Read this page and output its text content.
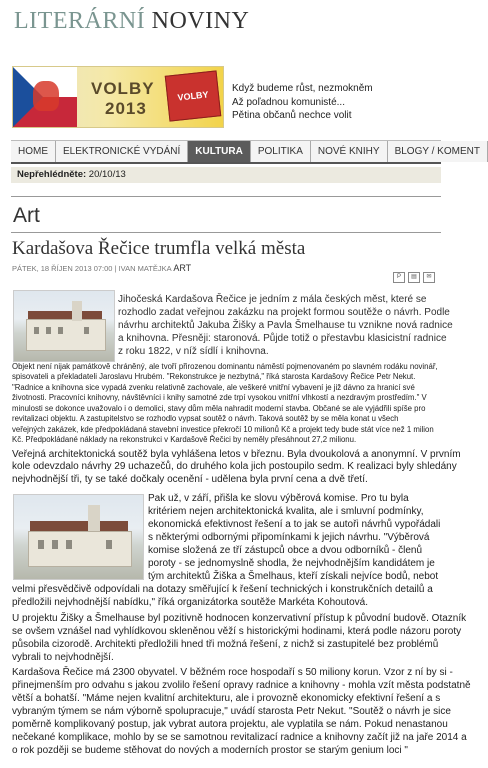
LITERÁRNÍ NOVINY
VOLBY
2013
VOLBY
Když budeme růst, nezmokněm
Až poľadnou komunisté...
Pětina občanů nechce volit
HOME	ELEKTRONICKÉ VYDÁNÍ	KULTURA	POLITIKA	NOVÉ KNIHY	BLOGY / KOMENT
Nepřehlédněte: 20/10/13
Art
Kardašova Řečice trumfla velká města
PÁTEK, 18 ŘÍJEN 2013 07:00 | IVAN MATĚJKA ART
P	▤	✉
Jihočeská Kardašova Řečice je jedním z mála českých měst, které se
rozhodlo zadat veřejnou zakázku na projekt formou soutěže o návrh. Podle
návrhu architektů Jakuba Žišky a Pavla Šmelhause tu vznikne nová radnice
a knihovna. Přesněji: staronová. Půjde totiž o přestavbu klasicistní radnice
z roku 1822, v níž sídlí i knihovna.
Objekt není nijak památkově chráněný, ale tvoří přirozenou dominantu náměstí pojmenovaném po slavném rodáku novinář,
spisovateli a překladateli Jaroslavu Hrubém. "Rekonstrukce je nezbytná," říká starosta Kardašovy Řečice Petr Nekut.
"Radnice a knihovna sice vypadá zvenku relativně zachovale, ale veškeré vnitřní vybavení je již dávno za hranicí své
životnosti. Pracovníci knihovny, návštěvníci i knihy samotné zde trpí vysokou vnitřní vlhkostí a nezdravým prostředím." V
minulosti se dokonce uvažovalo i o demolici, stavy dům měla nahradit moderní stavba. Občané se ale vyjádřili spíše pro
revitalizaci objektu. A zastupitelstvo se rozhodlo vypsat soutěž o návrh. Taková soutěž by se měla konat u všech
veřejných zakázek, kde předpokládaná stavební investice překročí 10 milionů Kč a projekt tedy bude stát více než 1 milion
Kč. Předpokládané náklady na rekonstrukci v Kardašově Řečici by neměly přesáhnout 27,2 milionu.
Veřejná architektonická soutěž byla vyhlášena letos v březnu. Byla dvoukolová a anonymní. V prvním
kole odevzdalo návrhy 29 uchazečů, do druhého kola jich postoupilo sedm. K realizaci byly shledány
nejvhodnější tři, ty se také dočkaly ocenění - udělena byla první cena a dvě třetí.
Pak už, v září, přišla ke slovu výběrová komise. Pro tu byla
kritériem nejen architektonická kvalita, ale i smluvní podmínky,
ekonomická efektivnost řešení a to jak se autoři návrhů vypořádali
s některými odbornými připomínkami k jejich návrhu. "Výběrová
komise složená ze tří zástupců obce a dvou odborníků - členů
poroty - se jednomyslně shodla, že nejvhodnějším kandidátem je
tým architektů Žiška a Šmelhaus, kteří získali nejvíce bodů, nebot
velmi přesvědčivě odpovídali na dotazy směřující k řešení technických i konstrukčních detailů a
předložili nejvhodnější nabídku," říká organizátorka soutěže Markéta Kohoutová.
U projektu Žišky a Šmelhause byl pozitivně hodnocen konzervativní přístup k původní budově. Otazník
se ovšem vznášel nad vyhlídkovou skleněnou věží s historickými hodinami, která podle názoru poroty
působila cizorodě. Architekti předložili hned tři možná řešení, z nichž si zastupitelé bez problémů
vybrali to nejvhodnější.
Kardašova Řečice má 2300 obyvatel. V běžném roce hospodaří s 50 miliony korun. Vzor z ní by si -
přinejmenším pro odvahu s jakou zvolilo řešení opravy radnice a knihovny - mohla vzít města podstatně
větší a bohatší. "Máme nejen kvalitní architekturu, ale i provozně ekonomicky efektivní řešení a s
vybraným týmem se nám výborně spolupracuje," uvádí starosta Petr Nekut. "Soutěž o návrh je sice
poměrně komplikovaný postup, jak vybrat autora projektu, ale vyplatila se nám. Pokud nenastanou
nečekané komplikace, mohlo by se se samotnou revitalizací radnice a knihovny začít již na jaře 2014 a
o rok později se budeme stěhovat do nových a moderních prostor se starým genium loci "
